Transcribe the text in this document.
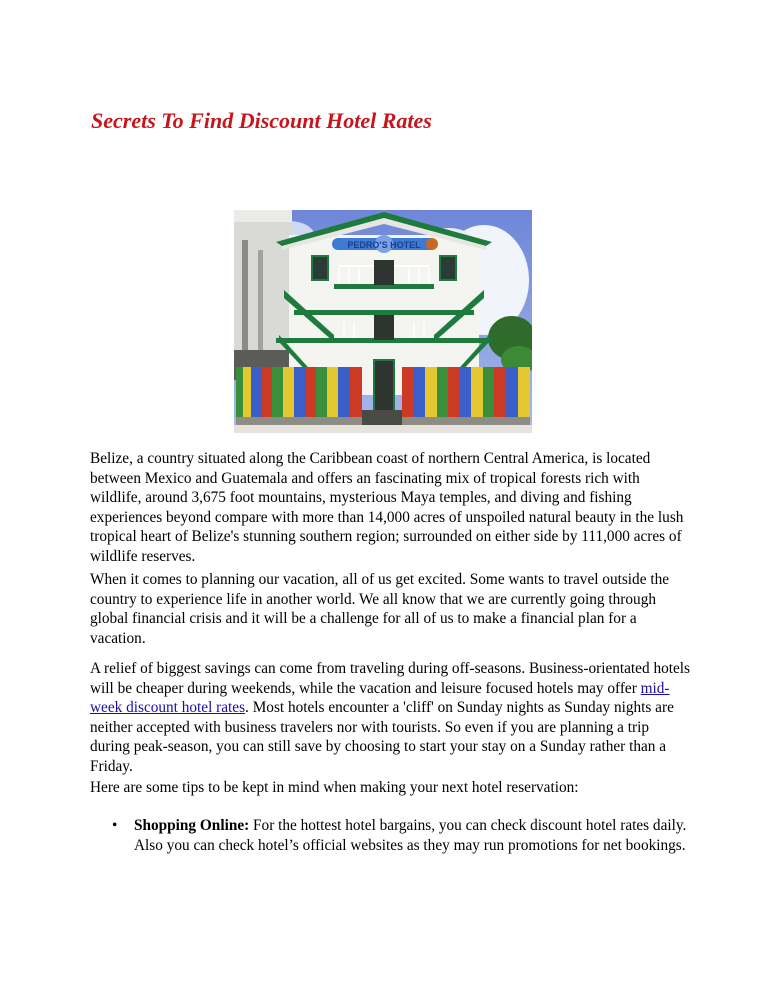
Secrets To Find Discount Hotel Rates
PEDRO'S HOTEL

Belize, a country situated along the Caribbean coast of northern Central America, is located between Mexico and Guatemala and offers an fascinating mix of tropical forests rich with wildlife, around 3,675 foot mountains, mysterious Maya temples, and diving and fishing experiences beyond compare with more than 14,000 acres of unspoiled natural beauty in the lush tropical heart of Belize's stunning southern region; surrounded on either side by 111,000 acres of wildlife reserves.

When it comes to planning our vacation, all of us get excited. Some wants to travel outside the country to experience life in another world. We all know that we are currently going through global financial crisis and it will be a challenge for all of us to make a financial plan for a vacation.

A relief of biggest savings can come from traveling during off-seasons. Business-orientated hotels will be cheaper during weekends, while the vacation and leisure focused hotels may offer mid-week discount hotel rates. Most hotels encounter a 'cliff' on Sunday nights as Sunday nights are neither accepted with business travelers nor with tourists. So even if you are planning a trip during peak-season, you can still save by choosing to start your stay on a Sunday rather than a Friday.

Here are some tips to be kept in mind when making your next hotel reservation:

• Shopping Online: For the hottest hotel bargains, you can check discount hotel rates daily. Also you can check hotel’s official websites as they may run promotions for net bookings.
